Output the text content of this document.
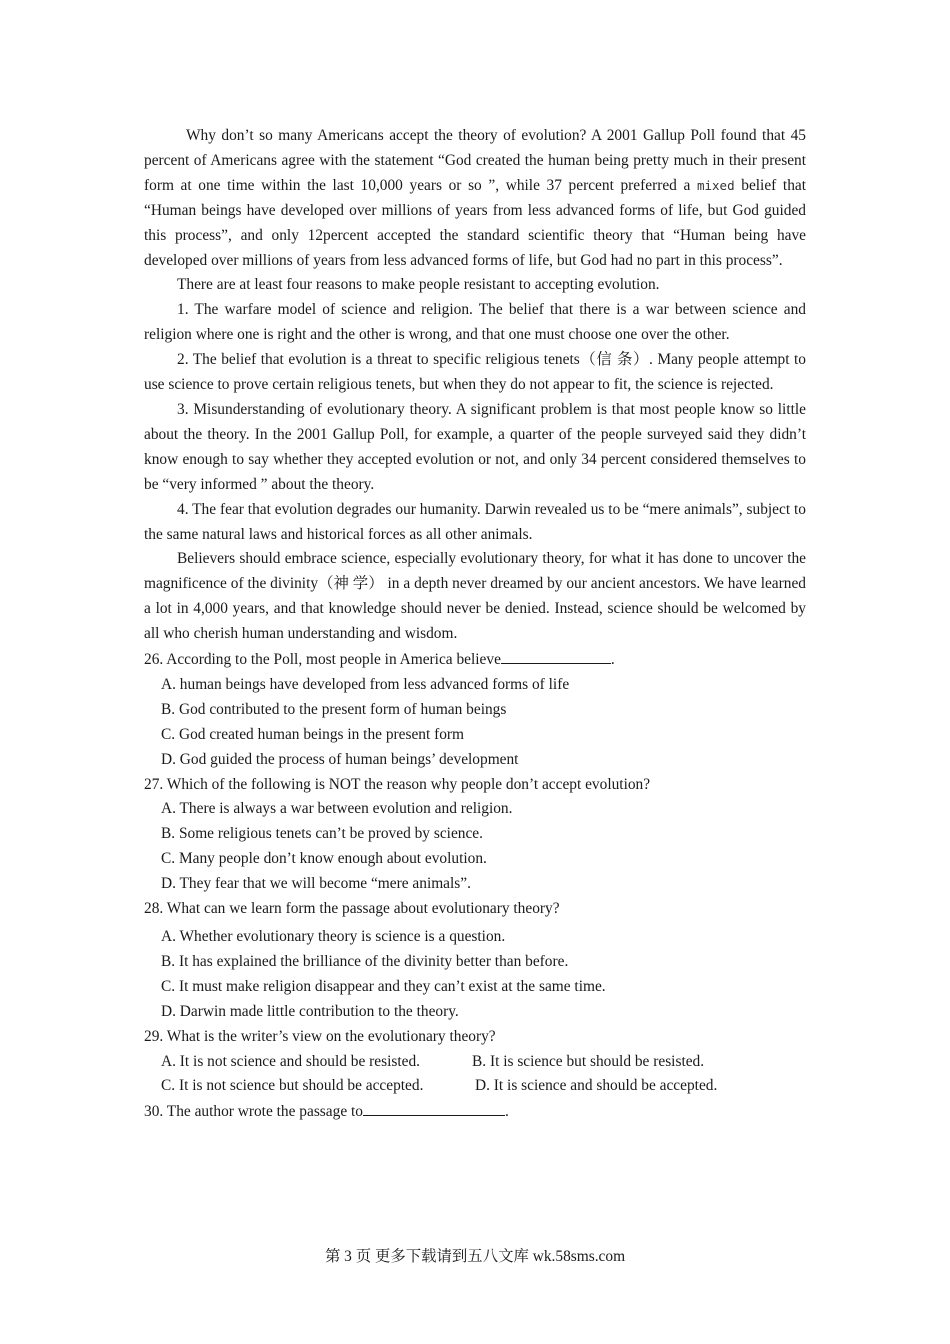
Why don’t so many Americans accept the theory of evolution? A 2001 Gallup Poll found that 45 percent of Americans agree with the statement “God created the human being pretty much in their present form at one time within the last 10,000 years or so ”, while 37 percent preferred a mixed belief that “Human beings have developed over millions of years from less advanced forms of life, but God guided this process”, and only 12percent accepted the standard scientific theory that “Human being have developed over millions of years from less advanced forms of life, but God had no part in this process”.

There are at least four reasons to make people resistant to accepting evolution.

1. The warfare model of science and religion. The belief that there is a war between science and religion where one is right and the other is wrong, and that one must choose one over the other.

2. The belief that evolution is a threat to specific religious tenets（信 条）. Many people attempt to use science to prove certain religious tenets, but when they do not appear to fit, the science is rejected.

3. Misunderstanding of evolutionary theory. A significant problem is that most people know so little about the theory. In the 2001 Gallup Poll, for example, a quarter of the people surveyed said they didn’t know enough to say whether they accepted evolution or not, and only 34 percent considered themselves to be “very informed ” about the theory.

4. The fear that evolution degrades our humanity. Darwin revealed us to be “mere animals”, subject to the same natural laws and historical forces as all other animals.

Believers should embrace science, especially evolutionary theory, for what it has done to uncover the magnificence of the divinity（神 学） in a depth never dreamed by our ancient ancestors. We have learned a lot in 4,000 years, and that knowledge should never be denied. Instead, science should be welcomed by all who cherish human understanding and wisdom.

26. According to the Poll, most people in America believe	.

A. human beings have developed from less advanced forms of life

B. God contributed to the present form of human beings

C. God created human beings in the present form

D. God guided the process of human beings’ development

27. Which of the following is NOT the reason why people don’t accept evolution?

A. There is always a war between evolution and religion.

B. Some religious tenets can’t be proved by science.

C. Many people don’t know enough about evolution.

D. They fear that we will become “mere animals”.

28. What can we learn form the passage about evolutionary theory?

A. Whether evolutionary theory is science is a question.

B. It has explained the brilliance of the divinity better than before.

C. It must make religion disappear and they can’t exist at the same time.

D. Darwin made little contribution to the theory.

29. What is the writer’s view on the evolutionary theory?

A. It is not science and should be resisted.	B. It is science but should be resisted.
C. It is not science but should be accepted.	D. It is science and should be accepted.

30. The author wrote the passage to	.

第 3 页 更多下载请到五八文库 wk.58sms.com
